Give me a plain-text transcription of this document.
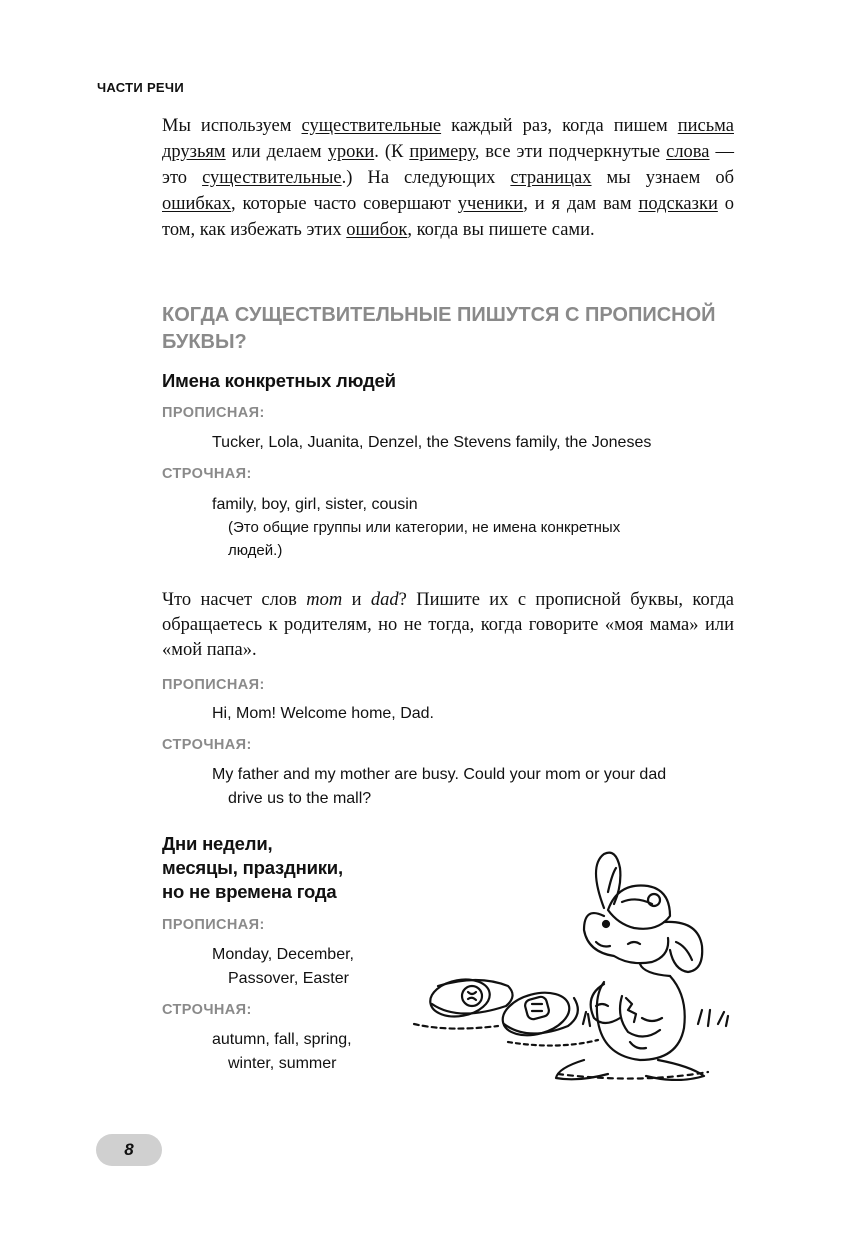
ЧАСТИ РЕЧИ

Мы используем существительные каждый раз, когда пишем письма друзьям или делаем уроки. (К примеру, все эти подчеркнутые слова — это существительные.) На следующих страницах мы узнаем об ошибках, которые часто совершают ученики, и я дам вам подсказки о том, как избежать этих ошибок, когда вы пишете сами.

КОГДА СУЩЕСТВИТЕЛЬНЫЕ ПИШУТСЯ С ПРОПИСНОЙ БУКВЫ?
Имена конкретных людей
ПРОПИСНАЯ:
Tucker, Lola, Juanita, Denzel, the Stevens family, the Joneses
СТРОЧНАЯ:
family, boy, girl, sister, cousin
(Это общие группы или категории, не имена конкретных
людей.)

Что насчет слов mom и dad? Пишите их с прописной буквы, когда обращаетесь к родителям, но не тогда, когда говорите «моя мама» или «мой папа».

ПРОПИСНАЯ:
Hi, Mom! Welcome home, Dad.
СТРОЧНАЯ:
My father and my mother are busy. Could your mom or your dad
drive us to the mall?
Дни недели,
месяцы, праздники,
но не времена года
ПРОПИСНАЯ:
Monday, December,
Passover, Easter
СТРОЧНАЯ:
autumn, fall, spring,
winter, summer
8
